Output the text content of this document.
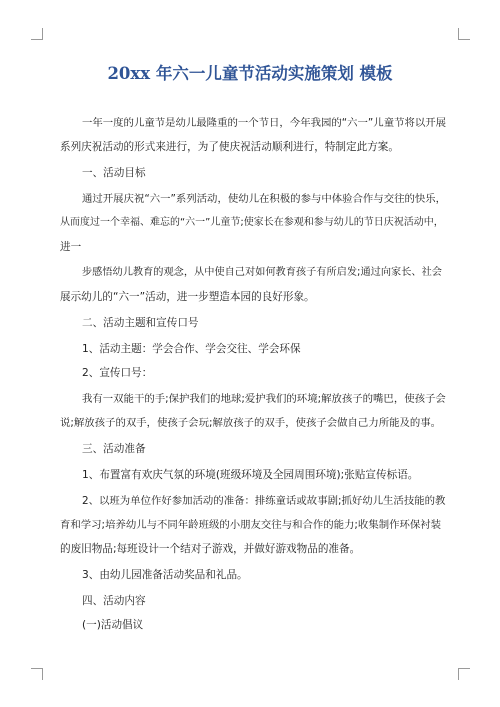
20xx 年六一儿童节活动实施策划 模板
一年一度的儿童节是幼儿最隆重的一个节日，今年我园的“六一”儿童节将以开展
系列庆祝活动的形式来进行，为了使庆祝活动顺利进行，特制定此方案。
一、活动目标
通过开展庆祝“六一”系列活动，使幼儿在积极的参与中体验合作与交往的快乐，
从而度过一个幸福、难忘的“六一”儿童节;使家长在参观和参与幼儿的节日庆祝活动中，
进一
步感悟幼儿教育的观念，从中使自己对如何教育孩子有所启发;通过向家长、社会
展示幼儿的“六一”活动，进一步塑造本园的良好形象。
二、活动主题和宣传口号
1、活动主题：学会合作、学会交往、学会环保
2、宣传口号：
我有一双能干的手;保护我们的地球;爱护我们的环境;解放孩子的嘴巴，使孩子会
说;解放孩子的双手，使孩子会玩;解放孩子的双手，使孩子会做自己力所能及的事。
三、活动准备
1、布置富有欢庆气氛的环境(班级环境及全园周围环境);张贴宣传标语。
2、以班为单位作好参加活动的准备：排练童话或故事剧;抓好幼儿生活技能的教
育和学习;培养幼儿与不同年龄班级的小朋友交往与和合作的能力;收集制作环保衬装
的废旧物品;每班设计一个结对子游戏，并做好游戏物品的准备。
3、由幼儿园准备活动奖品和礼品。
四、活动内容
(一)活动倡议
